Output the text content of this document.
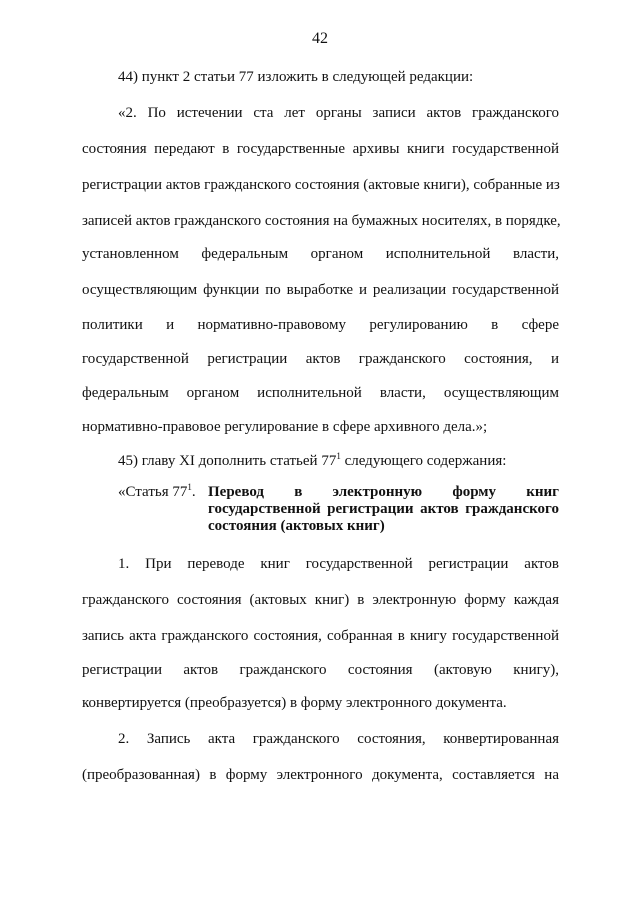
42
44) пункт 2 статьи 77 изложить в следующей редакции:
«2. По истечении ста лет органы записи актов гражданского
состояния передают в государственные архивы книги государственной
регистрации актов гражданского состояния (актовые книги), собранные из
записей актов гражданского состояния на бумажных носителях, в порядке,
установленном федеральным органом исполнительной власти,
осуществляющим функции по выработке и реализации государственной
политики и нормативно-правовому регулированию в сфере
государственной регистрации актов гражданского состояния, и
федеральным органом исполнительной власти, осуществляющим
нормативно-правовое регулирование в сфере архивного дела.»;
45) главу XI дополнить статьей $77^1$ следующего содержания:
«Статья $77^1$. Перевод в электронную форму книг
государственной регистрации актов гражданского
состояния (актовых книг)
1. При переводе книг государственной регистрации актов
гражданского состояния (актовых книг) в электронную форму каждая
запись акта гражданского состояния, собранная в книгу государственной
регистрации актов гражданского состояния (актовую книгу),
конвертируется (преобразуется) в форму электронного документа.
2. Запись акта гражданского состояния, конвертированная
(преобразованная) в форму электронного документа, составляется на
